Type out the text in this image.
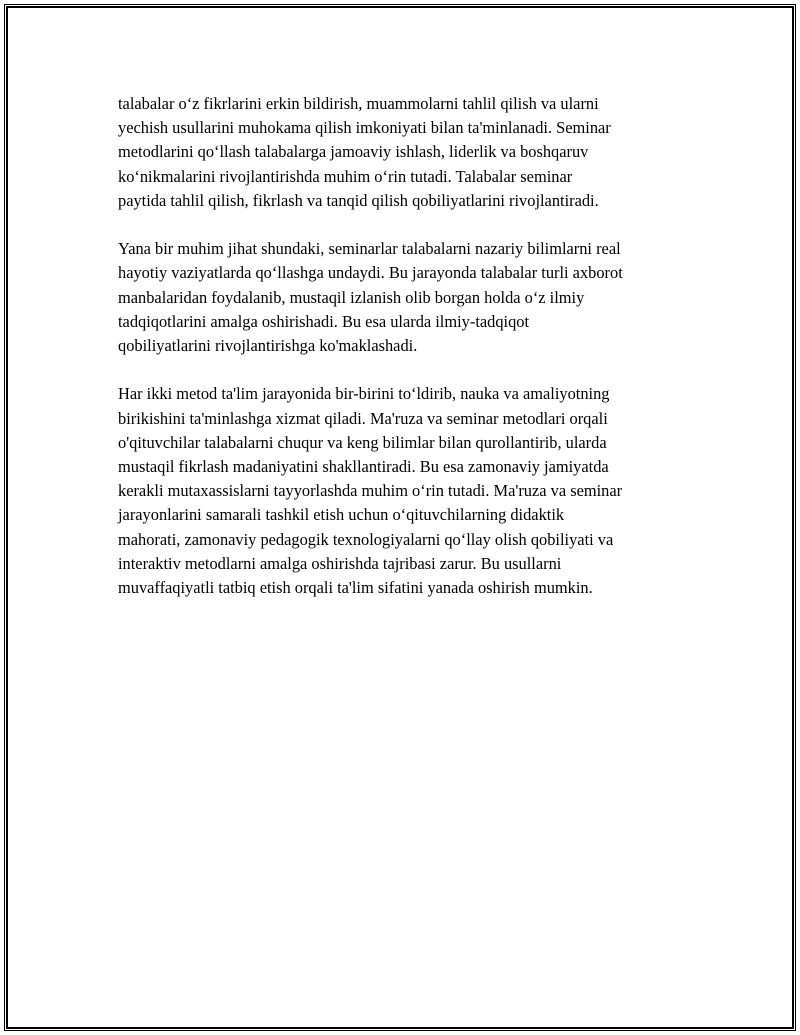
talabalar o‘z fikrlarini erkin bildirish, muammolarni tahlil qilish va ularni
yechish usullarini muhokama qilish imkoniyati bilan ta'minlanadi. Seminar
metodlarini qo‘llash talabalarga jamoaviy ishlash, liderlik va boshqaruv
ko‘nikmalarini rivojlantirishda muhim o‘rin tutadi. Talabalar seminar
paytida tahlil qilish, fikrlash va tanqid qilish qobiliyatlarini rivojlantiradi.

Yana bir muhim jihat shundaki, seminarlar talabalarni nazariy bilimlarni real
hayotiy vaziyatlarda qo‘llashga undaydi. Bu jarayonda talabalar turli axborot
manbalaridan foydalanib, mustaqil izlanish olib borgan holda o‘z ilmiy
tadqiqotlarini amalga oshirishadi. Bu esa ularda ilmiy-tadqiqot
qobiliyatlarini rivojlantirishga ko'maklashadi.

Har ikki metod ta'lim jarayonida bir-birini to‘ldirib, nauka va amaliyotning
birikishini ta'minlashga xizmat qiladi. Ma'ruza va seminar metodlari orqali
o'qituvchilar talabalarni chuqur va keng bilimlar bilan qurollantirib, ularda
mustaqil fikrlash madaniyatini shakllantiradi. Bu esa zamonaviy jamiyatda
kerakli mutaxassislarni tayyorlashda muhim o‘rin tutadi. Ma'ruza va seminar
jarayonlarini samarali tashkil etish uchun o‘qituvchilarning didaktik
mahorati, zamonaviy pedagogik texnologiyalarni qo‘llay olish qobiliyati va
interaktiv metodlarni amalga oshirishda tajribasi zarur. Bu usullarni
muvaffaqiyatli tatbiq etish orqali ta'lim sifatini yanada oshirish mumkin.
